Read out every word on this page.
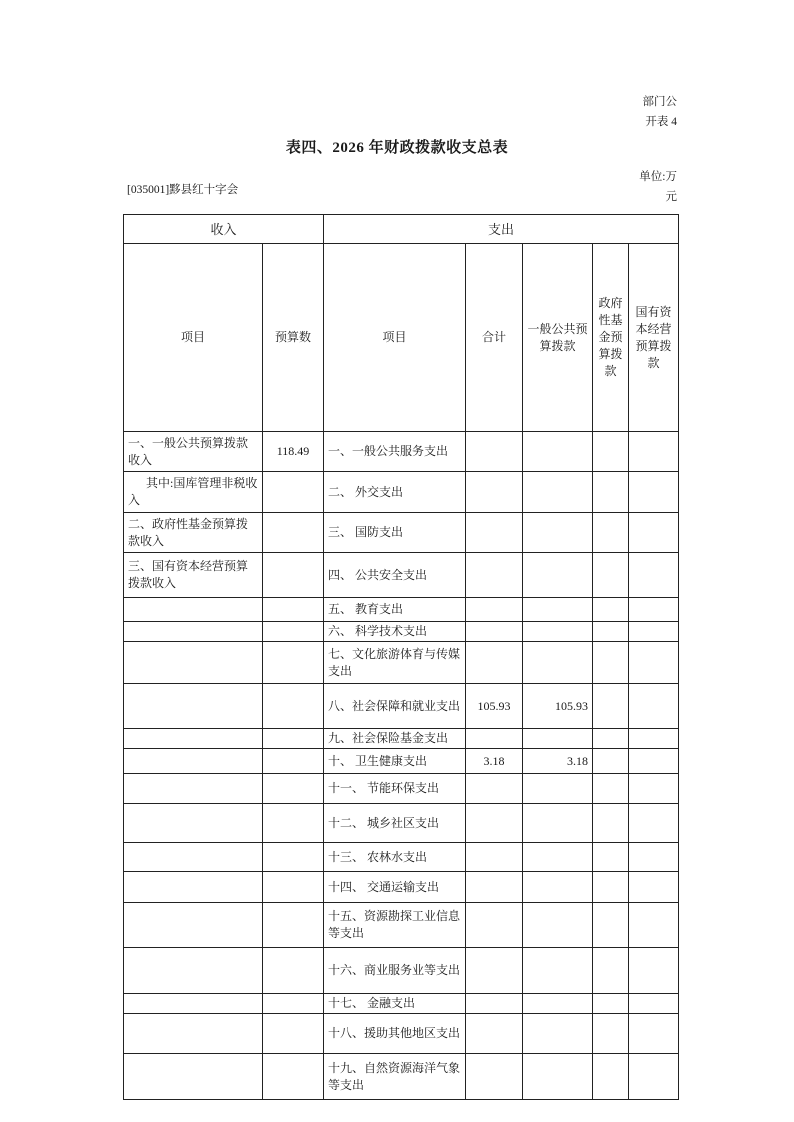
部门公
开表 4
表四、2026 年财政拨款收支总表
单位:万
元
[035001]黟县红十字会
收入		支出				
项目	预算数	项目	合计	一般公共预算拨款	政府性基金预算拨款	国有资本经营预算拨款
一、一般公共预算拨款收入	118.49	一、一般公共服务支出				
其中:国库管理非税收入		二、 外交支出				
二、政府性基金预算拨款收入		三、 国防支出				
三、国有资本经营预算拨款收入		四、 公共安全支出				
		五、 教育支出				
		六、 科学技术支出				
		七、文化旅游体育与传媒支出				
		八、社会保障和就业支出	105.93	105.93		
		九、社会保险基金支出				
		十、 卫生健康支出	3.18	3.18		
		十一、 节能环保支出				
		十二、 城乡社区支出				
		十三、 农林水支出				
		十四、 交通运输支出				
		十五、资源勘探工业信息等支出				
		十六、商业服务业等支出				
		十七、 金融支出				
		十八、援助其他地区支出				
		十九、自然资源海洋气象等支出				
